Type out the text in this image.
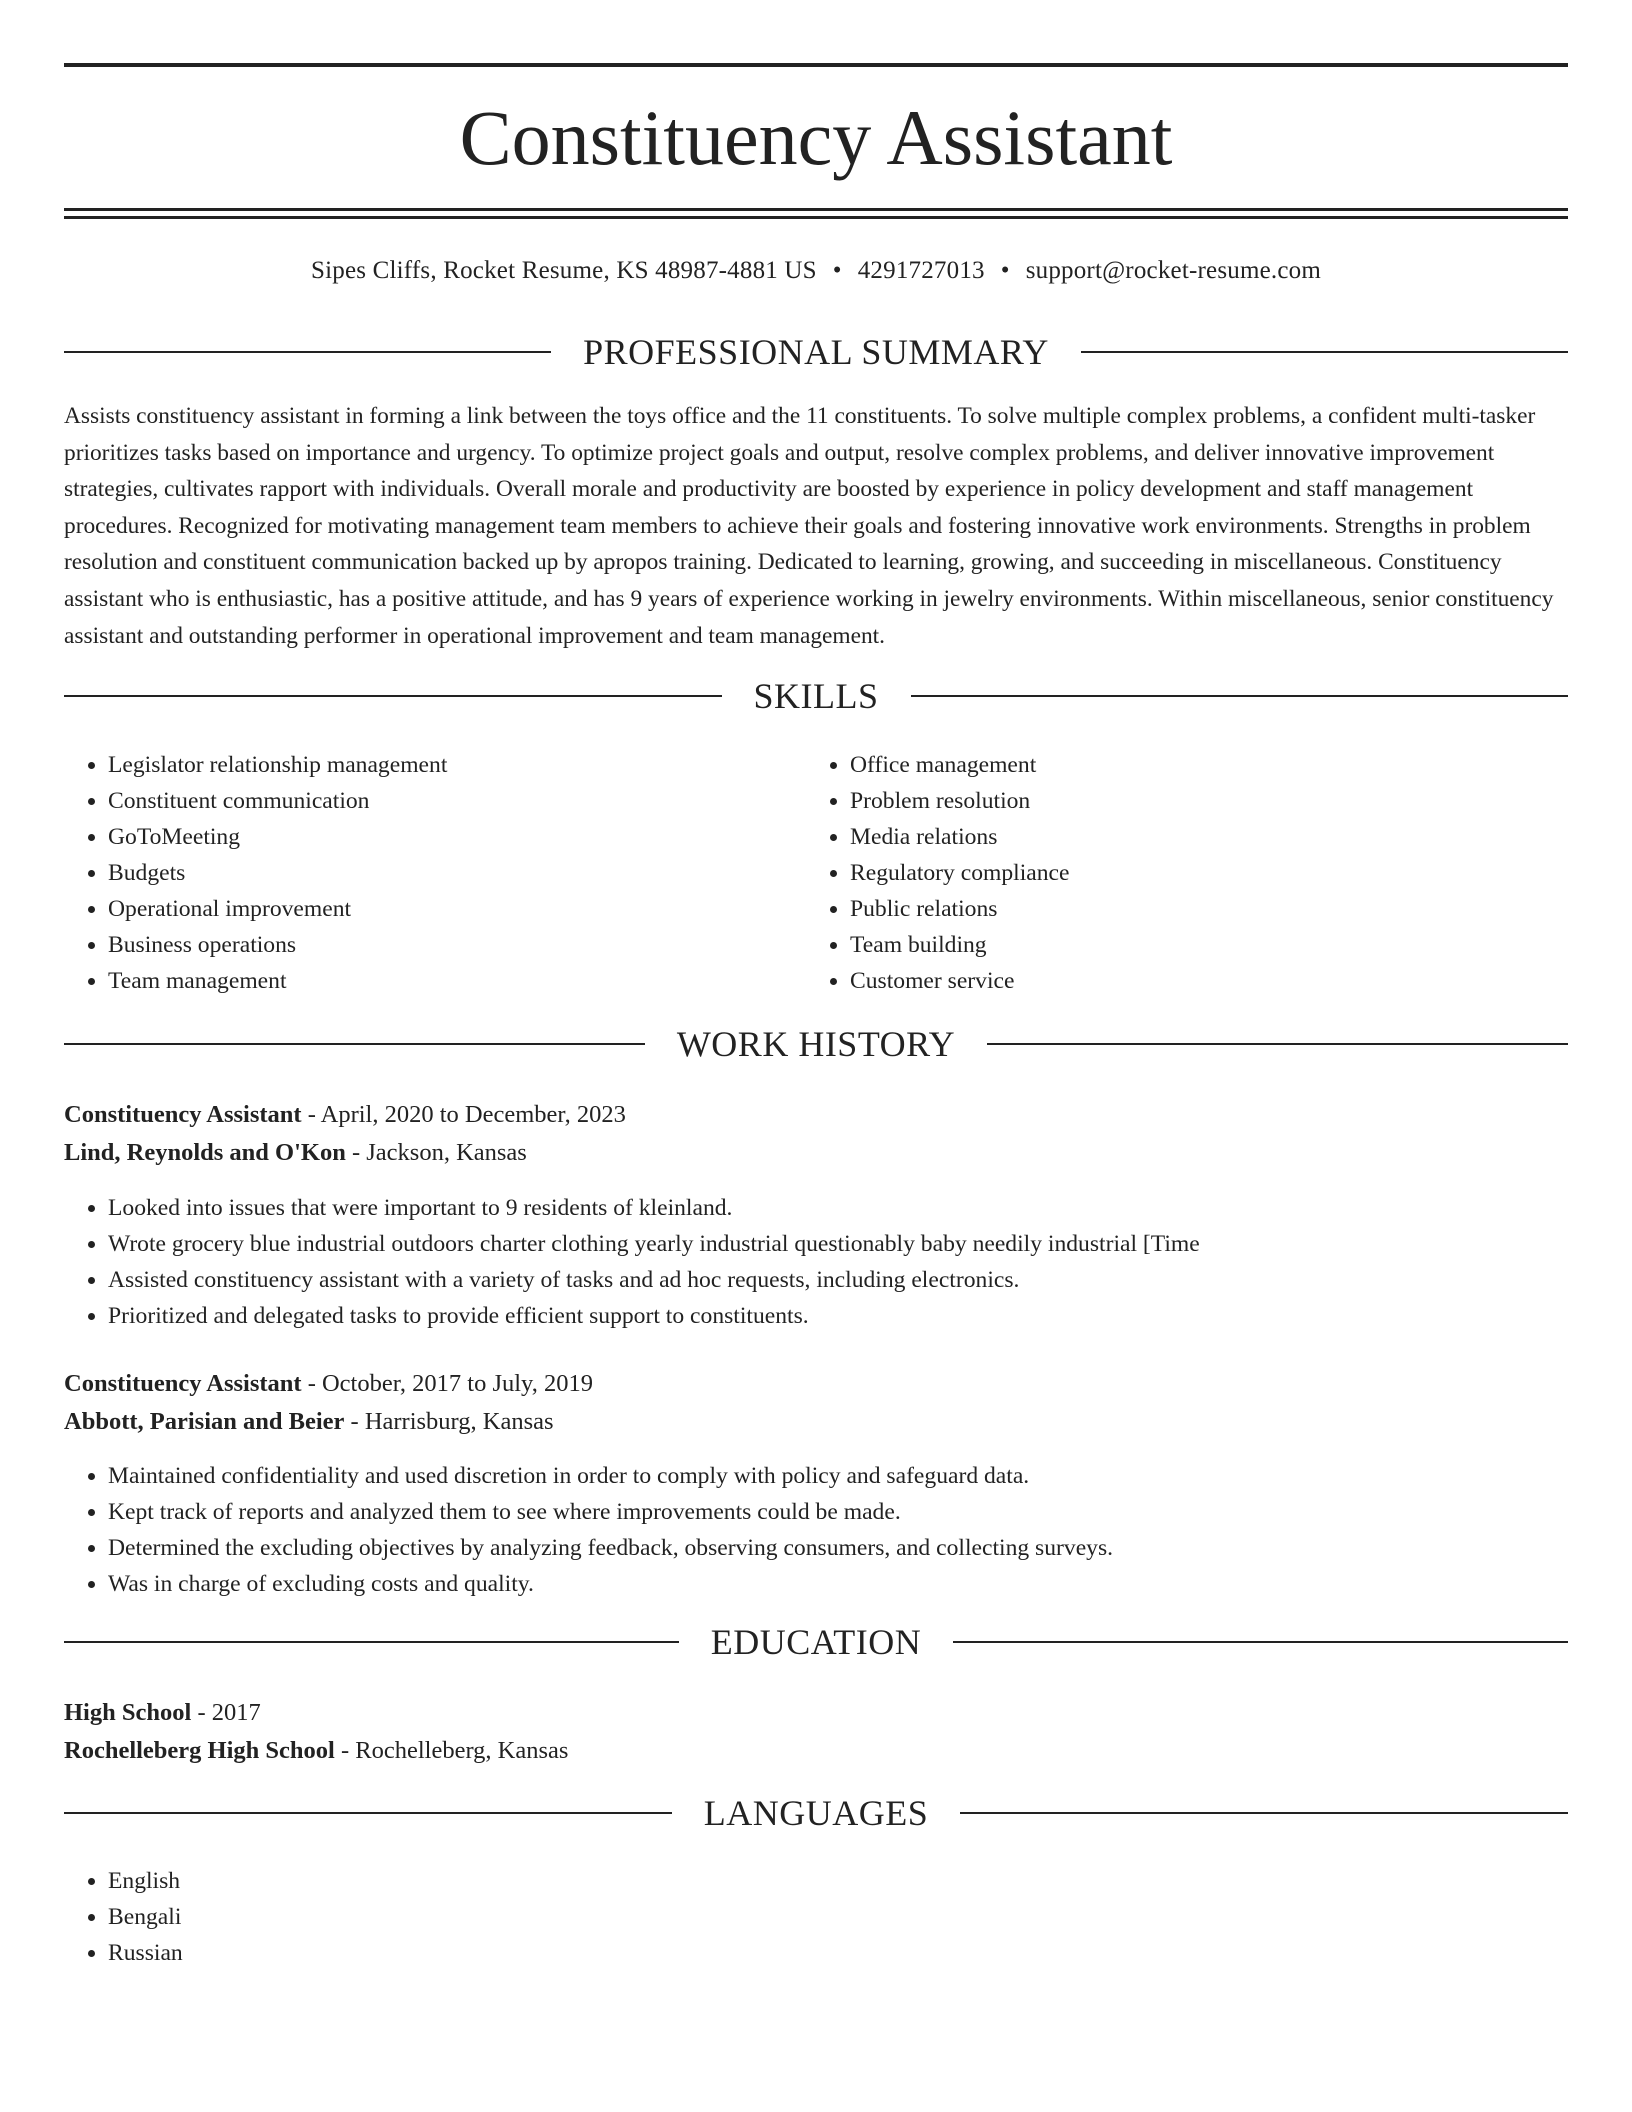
Constituency Assistant
Sipes Cliffs, Rocket Resume, KS 48987-4881 US • 4291727013 • support@rocket-resume.com
PROFESSIONAL SUMMARY

Assists constituency assistant in forming a link between the toys office and the 11 constituents. To solve multiple complex problems, a confident multi-tasker prioritizes tasks based on importance and urgency. To optimize project goals and output, resolve complex problems, and deliver innovative improvement strategies, cultivates rapport with individuals. Overall morale and productivity are boosted by experience in policy development and staff management procedures. Recognized for motivating management team members to achieve their goals and fostering innovative work environments. Strengths in problem resolution and constituent communication backed up by apropos training. Dedicated to learning, growing, and succeeding in miscellaneous. Constituency assistant who is enthusiastic, has a positive attitude, and has 9 years of experience working in jewelry environments. Within miscellaneous, senior constituency assistant and outstanding performer in operational improvement and team management.

SKILLS
• Legislator relationship management
• Constituent communication
• GoToMeeting
• Budgets
• Operational improvement
• Business operations
• Team management
• Office management
• Problem resolution
• Media relations
• Regulatory compliance
• Public relations
• Team building
• Customer service
WORK HISTORY
Constituency Assistant - April, 2020 to December, 2023
Lind, Reynolds and O'Kon - Jackson, Kansas
• Looked into issues that were important to 9 residents of kleinland.
• Wrote grocery blue industrial outdoors charter clothing yearly industrial questionably baby needily industrial [Time
• Assisted constituency assistant with a variety of tasks and ad hoc requests, including electronics.
• Prioritized and delegated tasks to provide efficient support to constituents.
Constituency Assistant - October, 2017 to July, 2019
Abbott, Parisian and Beier - Harrisburg, Kansas
• Maintained confidentiality and used discretion in order to comply with policy and safeguard data.
• Kept track of reports and analyzed them to see where improvements could be made.
• Determined the excluding objectives by analyzing feedback, observing consumers, and collecting surveys.
• Was in charge of excluding costs and quality.
EDUCATION
High School - 2017
Rochelleberg High School - Rochelleberg, Kansas
LANGUAGES
• English
• Bengali
• Russian
